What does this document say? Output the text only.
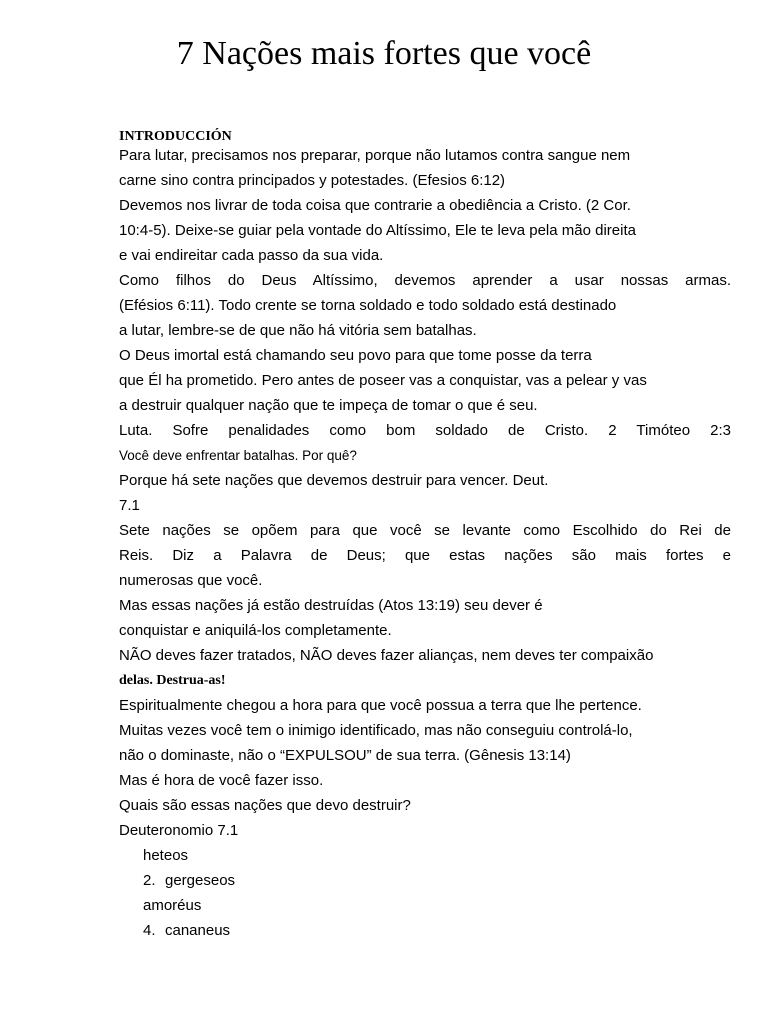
7 Nações mais fortes que você
INTRODUCCIÓN
Para lutar, precisamos nos preparar, porque não lutamos contra sangue nem
carne sino contra principados y potestades. (Efesios 6:12)
Devemos nos livrar de toda coisa que contrarie a obediência a Cristo. (2 Cor.
10:4-5). Deixe-se guiar pela vontade do Altíssimo, Ele te leva pela mão direita
e vai endireitar cada passo da sua vida.
Como filhos do Deus Altíssimo, devemos aprender a usar nossas armas.
(Efésios 6:11). Todo crente se torna soldado e todo soldado está destinado
a lutar, lembre-se de que não há vitória sem batalhas.
O Deus imortal está chamando seu povo para que tome posse da terra
que Él ha prometido. Pero antes de poseer vas a conquistar, vas a pelear y vas
a destruir qualquer nação que te impeça de tomar o que é seu.
Luta. Sofre penalidades como bom soldado de Cristo. 2 Timóteo 2:3
Você deve enfrentar batalhas. Por quê?
Porque há sete nações que devemos destruir para vencer. Deut.
7.1
Sete nações se opõem para que você se levante como Escolhido do Rei de
Reis. Diz a Palavra de Deus; que estas nações são mais fortes e
numerosas que você.
Mas essas nações já estão destruídas (Atos 13:19) seu dever é
conquistar e aniquilá-los completamente.
NÃO deves fazer tratados, NÃO deves fazer alianças, nem deves ter compaixão
delas. Destrua-as!
Espiritualmente chegou a hora para que você possua a terra que lhe pertence.
Muitas vezes você tem o inimigo identificado, mas não conseguiu controlá-lo,
não o dominaste, não o “EXPULSOU” de sua terra. (Gênesis 13:14)
Mas é hora de você fazer isso.
Quais são essas nações que devo destruir?
Deuteronomio 7.1
heteos
2. gergeseos
amoréus
4. cananeus
